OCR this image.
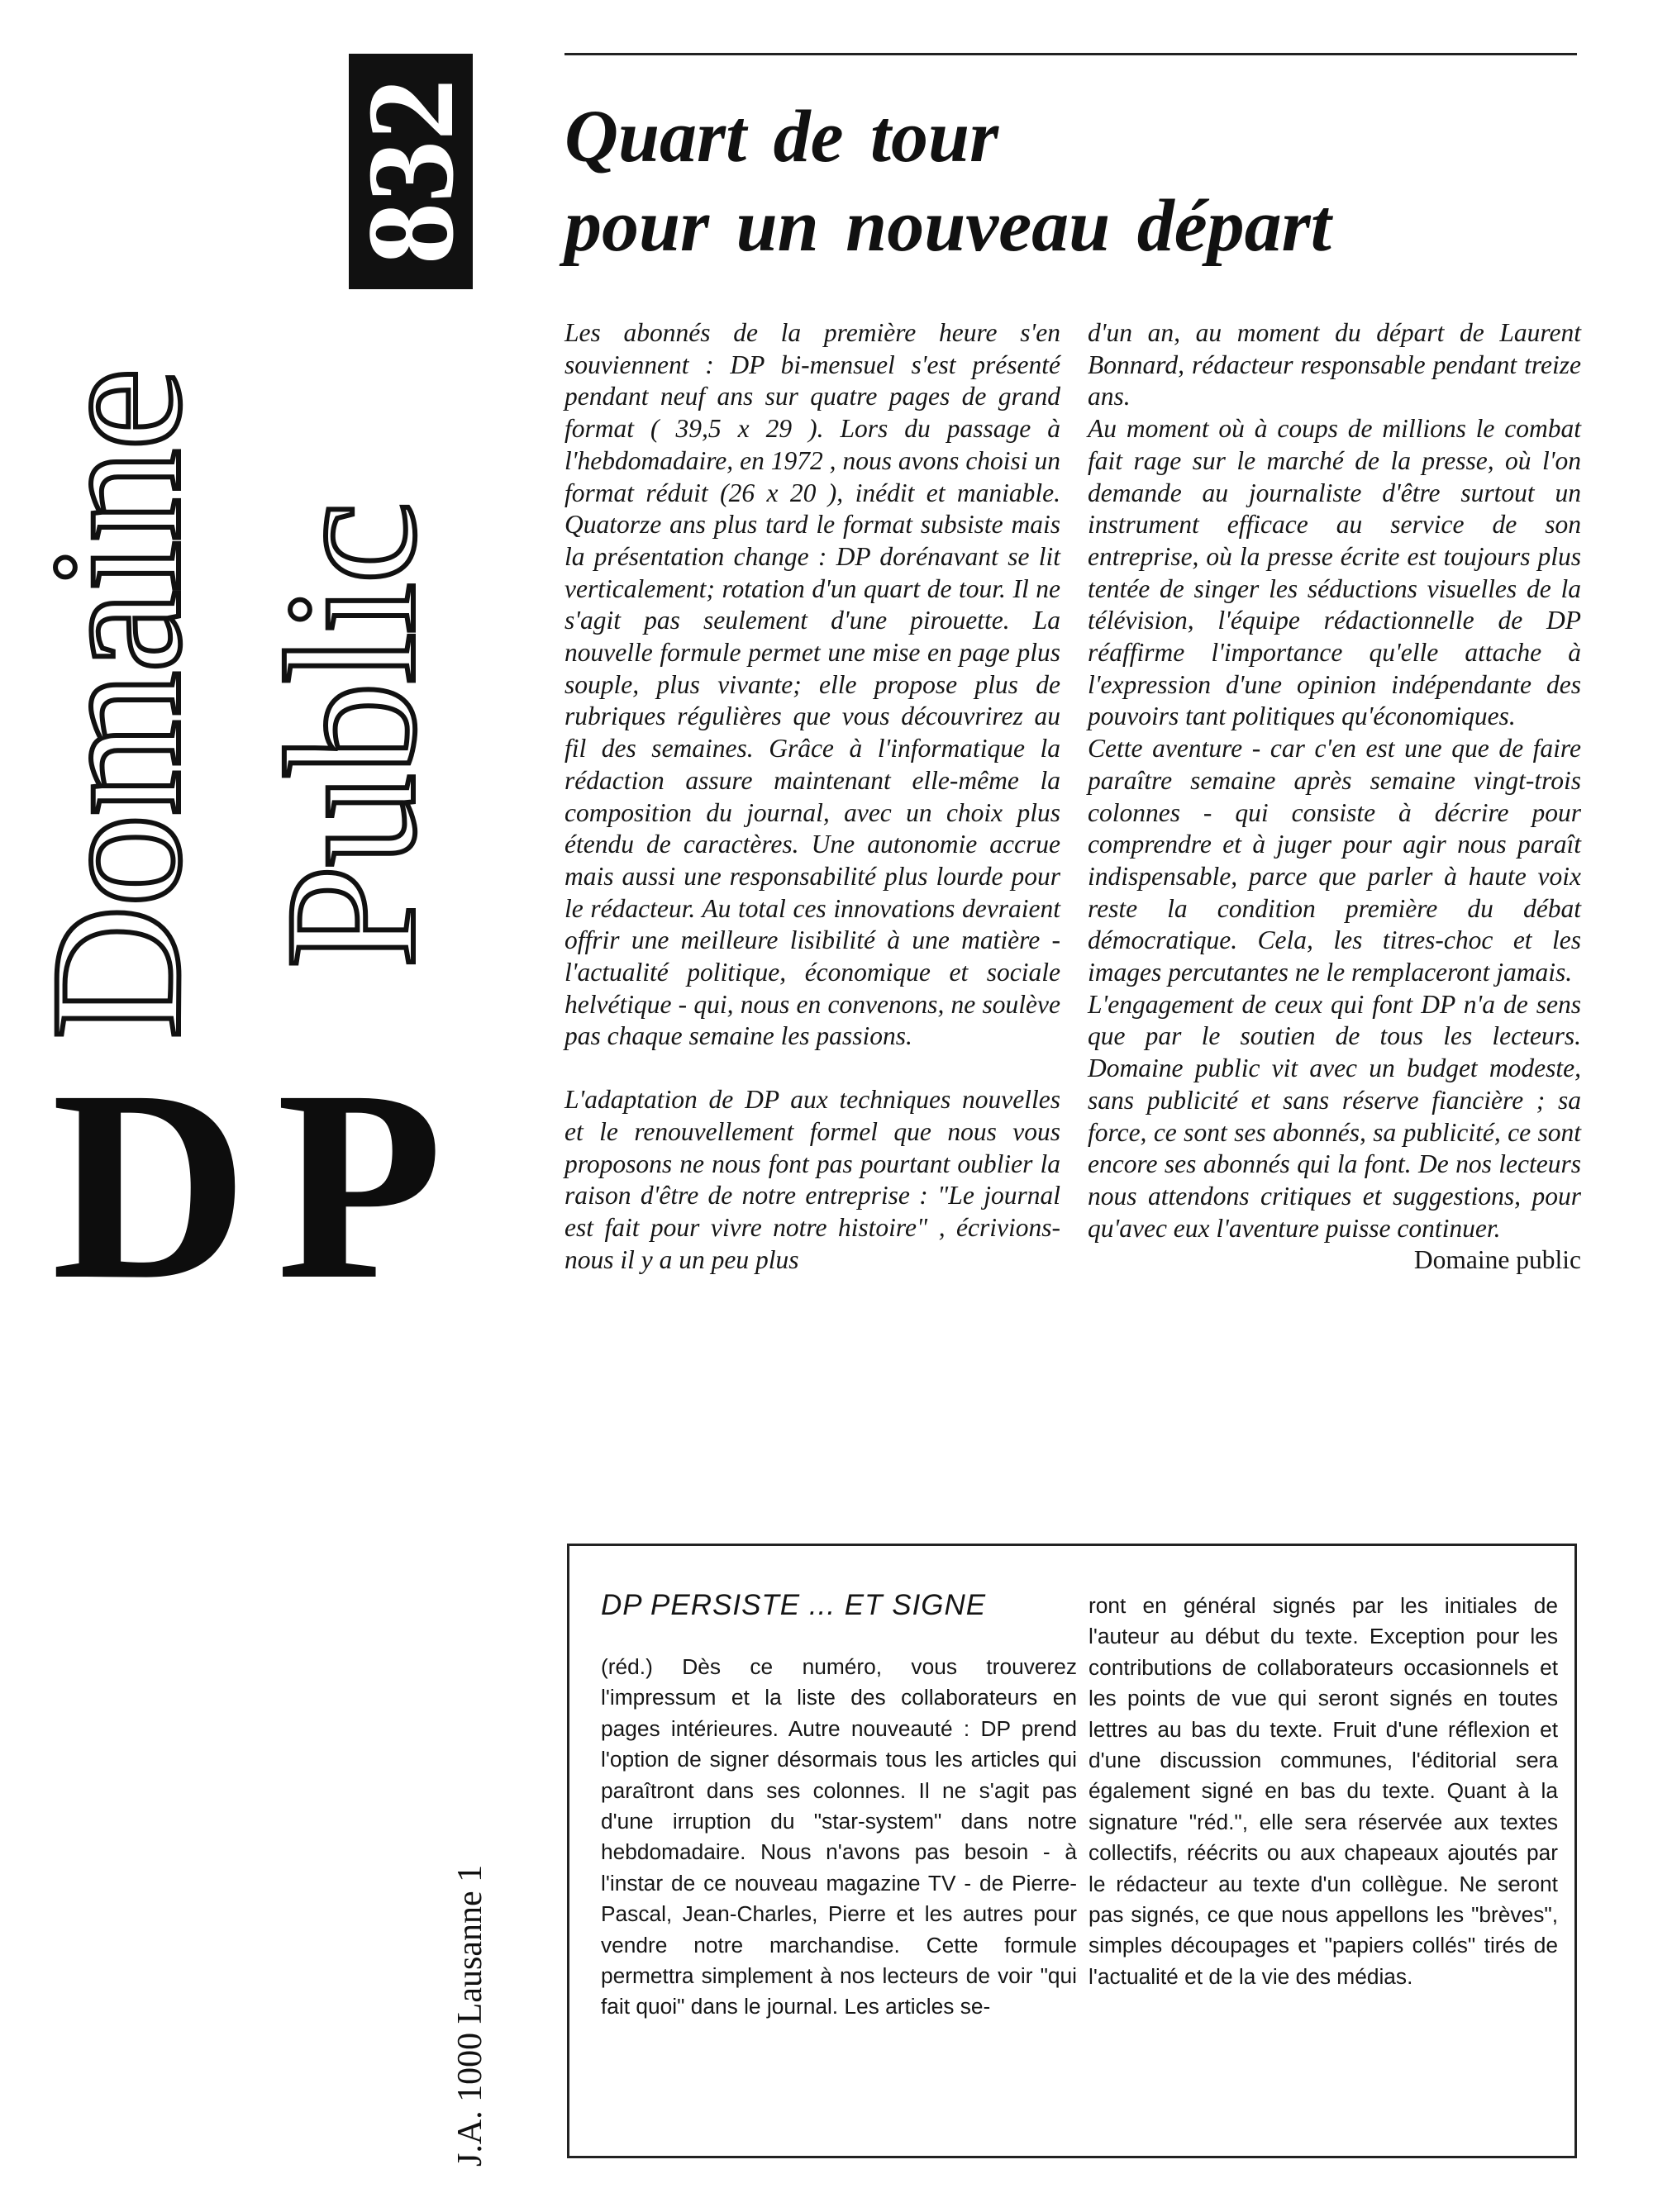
Domaine Public
832
DP
J.A. 1000 Lausanne 1
Quart de tour
pour un nouveau départ

Les abonnés de la première heure s'en souviennent : DP bi-mensuel s'est présenté pendant neuf ans sur quatre pages de grand format ( 39,5 x 29 ). Lors du passage à l'hebdomadaire, en 1972 , nous avons choisi un format réduit (26 x 20 ), inédit et maniable. Quatorze ans plus tard le format subsiste mais la présentation change : DP dorénavant se lit verticalement; rotation d'un quart de tour. Il ne s'agit pas seulement d'une pirouette. La nouvelle formule permet une mise en page plus souple, plus vivante; elle propose plus de rubriques régulières que vous découvrirez au fil des semaines. Grâce à l'informatique la rédaction assure maintenant elle-même la composition du journal, avec un choix plus étendu de caractères. Une autonomie accrue mais aussi une responsabilité plus lourde pour le rédacteur. Au total ces innovations devraient offrir une meilleure lisibilité à une matière - l'actualité politique, économique et sociale helvétique - qui, nous en convenons, ne soulève pas chaque semaine les passions.

L'adaptation de DP aux techniques nouvelles et le renouvellement formel que nous vous proposons ne nous font pas pourtant oublier la raison d'être de notre entreprise : "Le journal est fait pour vivre notre histoire" , écrivions-nous il y a un peu plus

d'un an, au moment du départ de Laurent Bonnard, rédacteur responsable pendant treize ans.

Au moment où à coups de millions le combat fait rage sur le marché de la presse, où l'on demande au journaliste d'être surtout un instrument efficace au service de son entreprise, où la presse écrite est toujours plus tentée de singer les séductions visuelles de la télévision, l'équipe rédactionnelle de DP réaffirme l'importance qu'elle attache à l'expression d'une opinion indépendante des pouvoirs tant politiques qu'économiques.

Cette aventure - car c'en est une que de faire paraître semaine après semaine vingt-trois colonnes - qui consiste à décrire pour comprendre et à juger pour agir nous paraît indispensable, parce que parler à haute voix reste la condition première du débat démocratique. Cela, les titres-choc et les images percutantes ne le remplaceront jamais.

L'engagement de ceux qui font DP n'a de sens que par le soutien de tous les lecteurs. Domaine public vit avec un budget modeste, sans publicité et sans réserve fiancière ; sa force, ce sont ses abonnés, sa publicité, ce sont encore ses abonnés qui la font. De nos lecteurs nous attendons critiques et suggestions, pour qu'avec eux l'aventure puisse continuer.

Domaine public
DP PERSISTE ... ET SIGNE

(réd.) Dès ce numéro, vous trouverez l'impressum et la liste des collaborateurs en pages intérieures. Autre nouveauté : DP prend l'option de signer désormais tous les articles qui paraîtront dans ses colonnes. Il ne s'agit pas d'une irruption du "star-system" dans notre hebdomadaire. Nous n'avons pas besoin - à l'instar de ce nouveau magazine TV - de Pierre-Pascal, Jean-Charles, Pierre et les autres pour vendre notre marchandise. Cette formule permettra simplement à nos lecteurs de voir "qui fait quoi" dans le journal. Les articles se-

ront en général signés par les initiales de l'auteur au début du texte. Exception pour les contributions de collaborateurs occasionnels et les points de vue qui seront signés en toutes lettres au bas du texte. Fruit d'une réflexion et d'une discussion communes, l'éditorial sera également signé en bas du texte. Quant à la signature "réd.", elle sera réservée aux textes collectifs, réécrits ou aux chapeaux ajoutés par le rédacteur au texte d'un collègue. Ne seront pas signés, ce que nous appellons les "brèves", simples découpages et "papiers collés" tirés de l'actualité et de la vie des médias.
